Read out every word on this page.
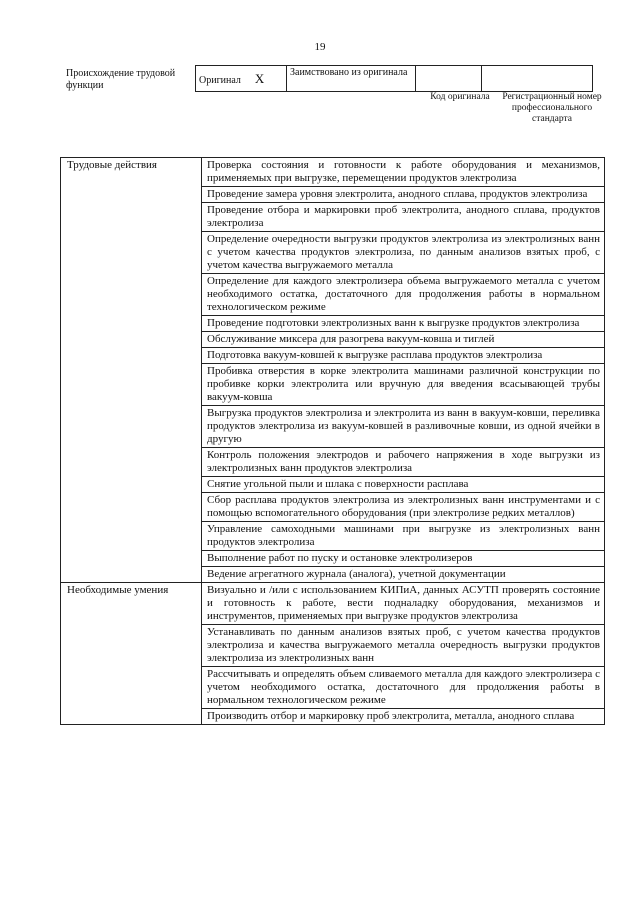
19
Происхождение трудовой функции	Оригинал X	Заимствовано из оригинала		
Код оригинала	Регистрационный номер профессионального стандарта
Трудовые действия	Проверка состояния и готовности к работе оборудования и механизмов, применяемых при выгрузке, перемещении продуктов электролиза
	Проведение замера уровня электролита, анодного сплава, продуктов электролиза
	Проведение отбора и маркировки проб электролита, анодного сплава, продуктов электролиза
	Определение очередности выгрузки продуктов электролиза из электролизных ванн с учетом качества продуктов электролиза, по данным анализов взятых проб, с учетом качества выгружаемого металла
	Определение для каждого электролизера объема выгружаемого металла с учетом необходимого остатка, достаточного для продолжения работы в нормальном технологическом режиме
	Проведение подготовки электролизных ванн к выгрузке продуктов электролиза
	Обслуживание миксера для разогрева вакуум-ковша и тиглей
	Подготовка вакуум-ковшей к выгрузке расплава продуктов электролиза
	Пробивка отверстия в корке электролита машинами различной конструкции по пробивке корки электролита или вручную для введения всасывающей трубы вакуум-ковша
	Выгрузка продуктов электролиза и электролита из ванн в вакуум-ковши, переливка продуктов электролиза из вакуум-ковшей в разливочные ковши, из одной ячейки в другую
	Контроль положения электродов и рабочего напряжения в ходе выгрузки из электролизных ванн продуктов электролиза
	Снятие угольной пыли и шлака с поверхности расплава
	Сбор расплава продуктов электролиза из электролизных ванн инструментами и с помощью вспомогательного оборудования (при электролизе редких металлов)
	Управление самоходными машинами при выгрузке из электролизных ванн продуктов электролиза
	Выполнение работ по пуску и остановке электролизеров
	Ведение агрегатного журнала (аналога), учетной документации
Необходимые умения	Визуально и /или с использованием КИПиА, данных АСУТП проверять состояние и готовность к работе, вести подналадку оборудования, механизмов и инструментов, применяемых при выгрузке продуктов электролиза
	Устанавливать по данным анализов взятых проб, с учетом качества продуктов электролиза и качества выгружаемого металла очередность выгрузки продуктов электролиза из электролизных ванн
	Рассчитывать и определять объем сливаемого металла для каждого электролизера с учетом необходимого остатка, достаточного для продолжения работы в нормальном технологическом режиме
	Производить отбор и маркировку проб электролита, металла, анодного сплава
